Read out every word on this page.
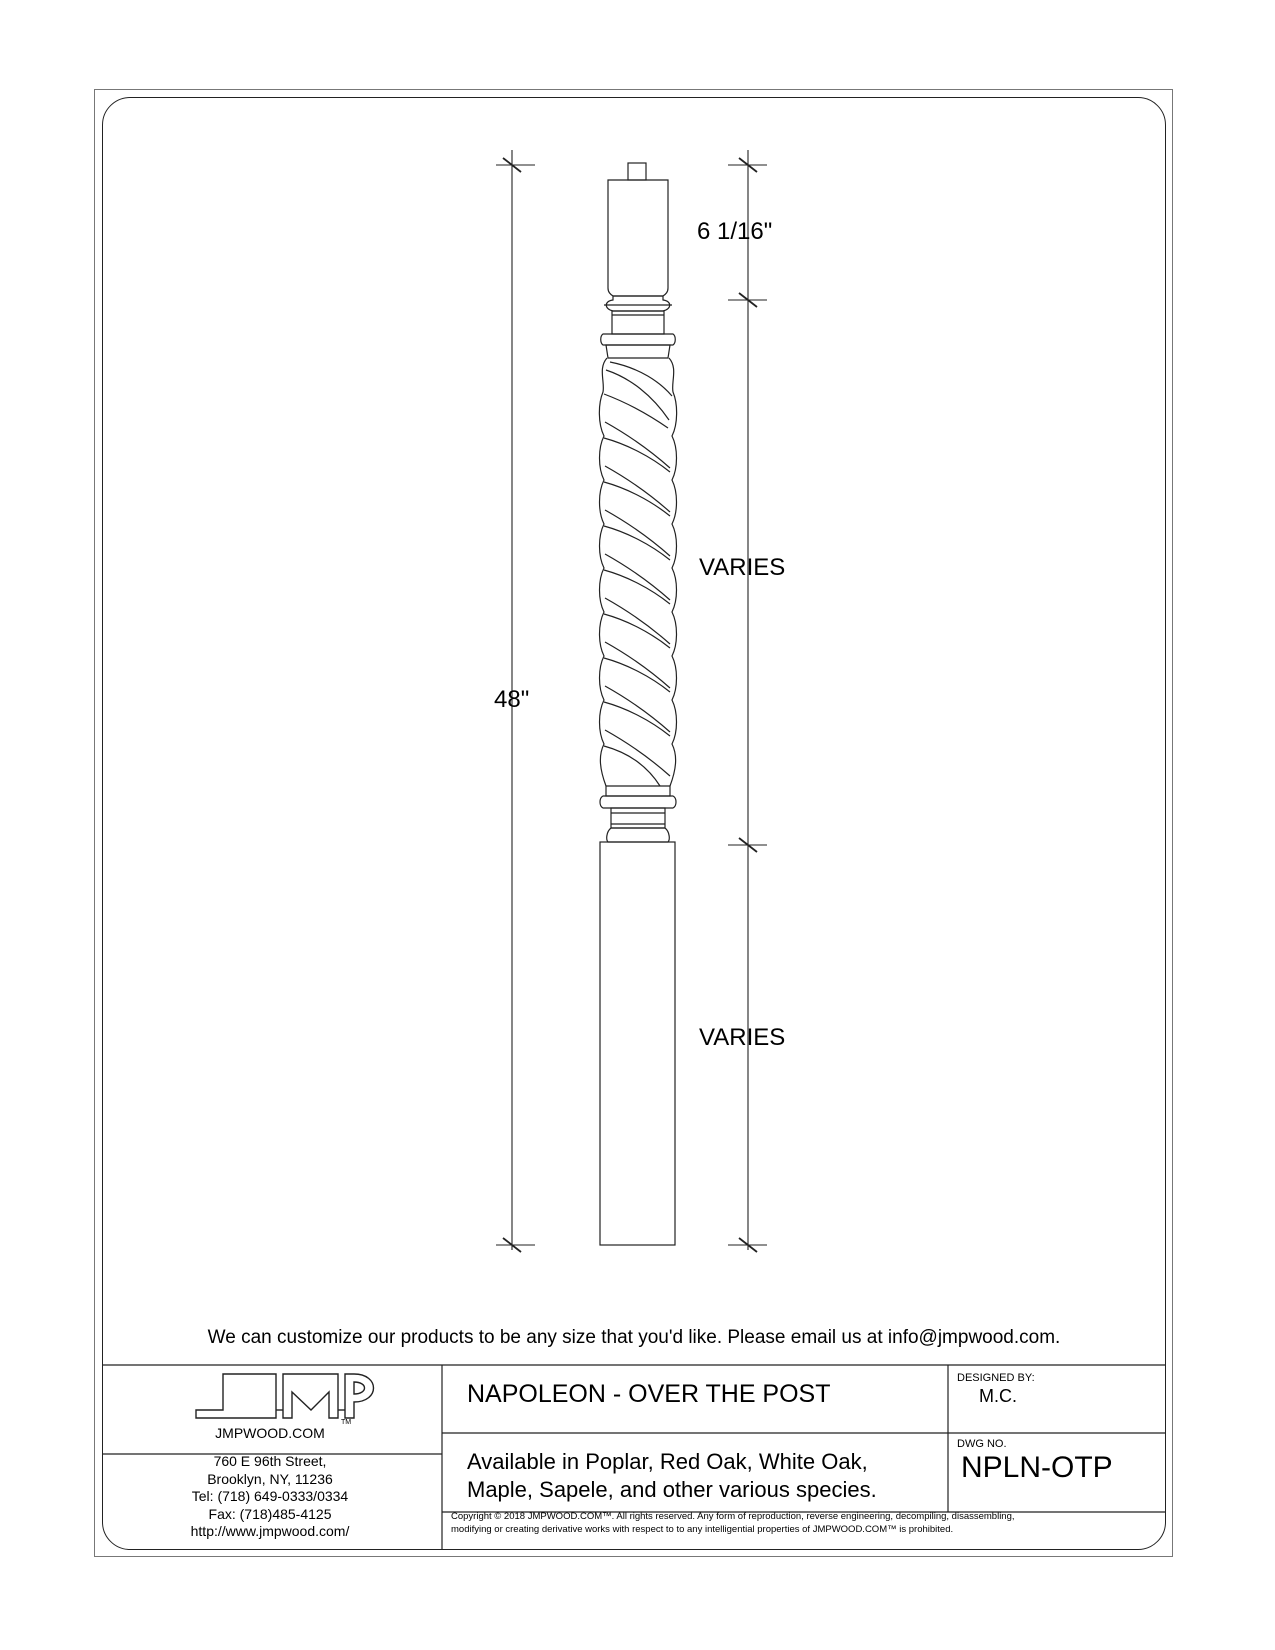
6 1/16"
VARIES
48"
VARIES
We can customize our products to be any size that you'd like. Please email us at info@jmpwood.com.
JMPWOOD.COM
TM
760 E 96th Street,
Brooklyn, NY, 11236
Tel: (718) 649-0333/0334
Fax: (718)485-4125
http://www.jmpwood.com/
NAPOLEON - OVER THE POST
Available in Poplar, Red Oak, White Oak,
Maple, Sapele, and other various species.
DESIGNED BY:
M.C.
DWG NO.
NPLN-OTP
Copyright © 2018 JMPWOOD.COM™. All rights reserved. Any form of reproduction, reverse engineering, decompiling, disassembling,
modifying or creating derivative works with respect to to any intelligential properties of JMPWOOD.COM™ is prohibited.
